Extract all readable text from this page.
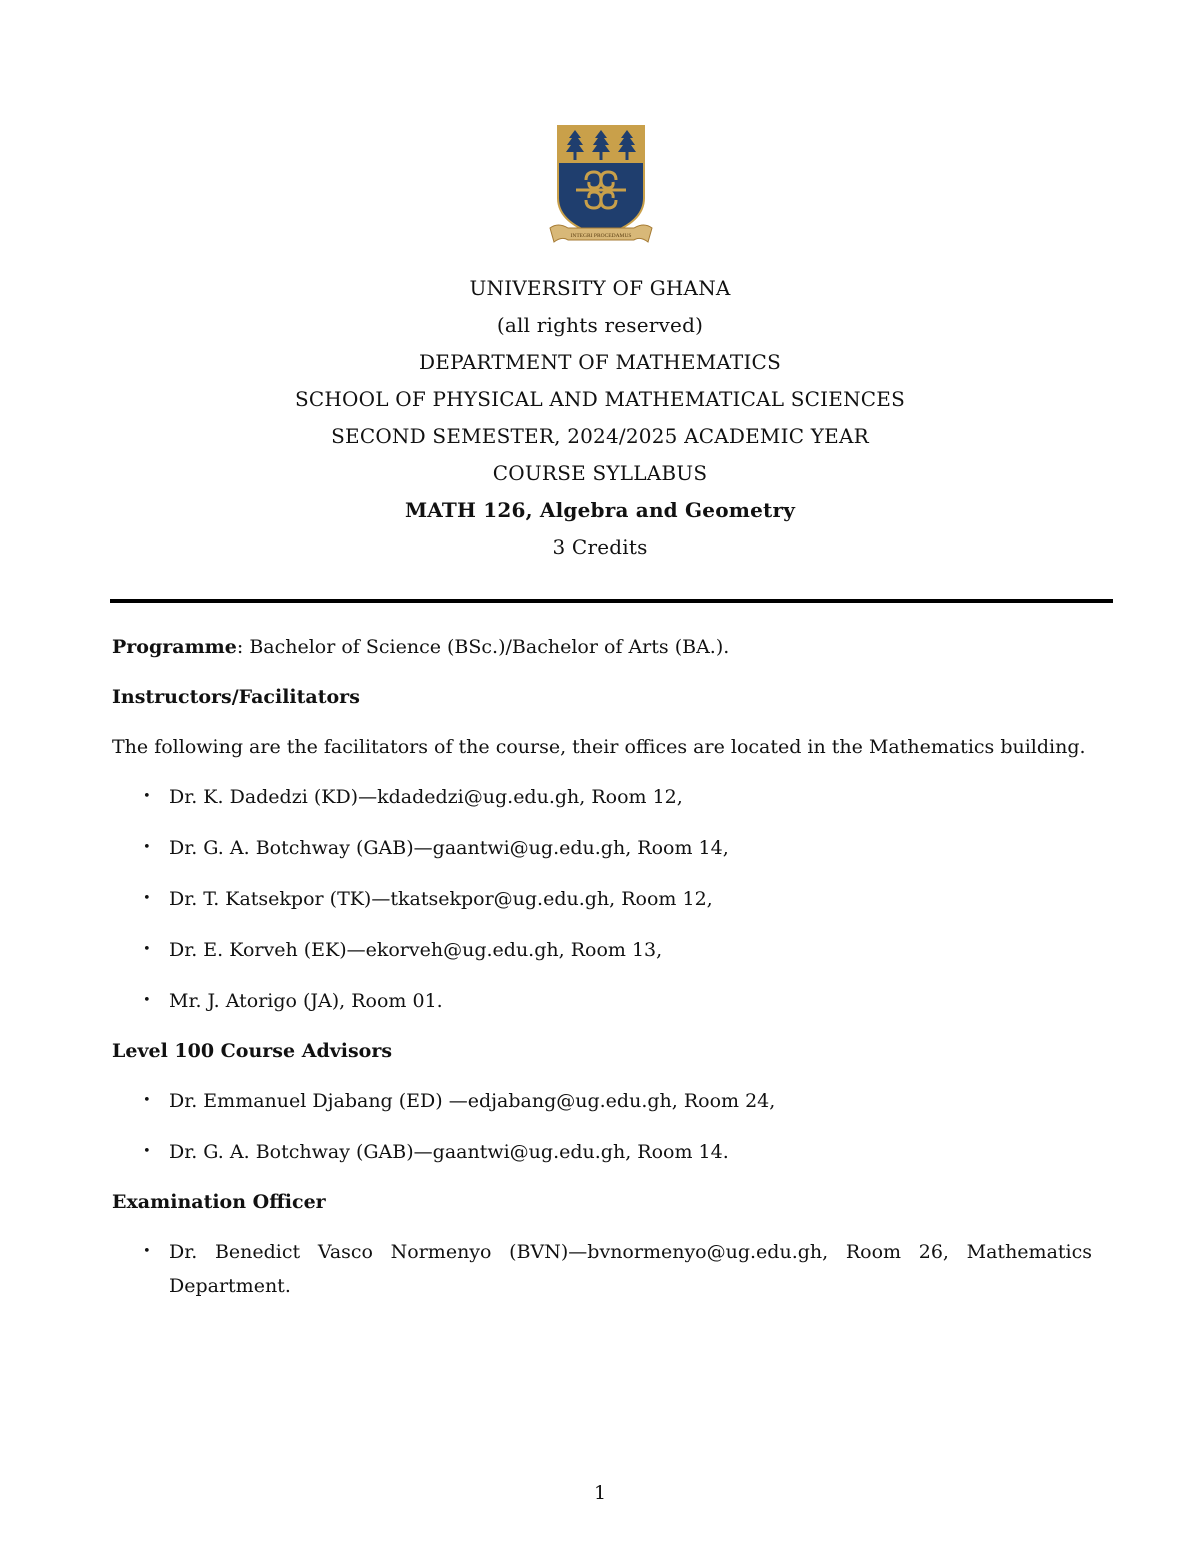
INTEGRI PROCEDAMUS
UNIVERSITY OF GHANA
(all rights reserved)
DEPARTMENT OF MATHEMATICS
SCHOOL OF PHYSICAL AND MATHEMATICAL SCIENCES
SECOND SEMESTER, 2024/2025 ACADEMIC YEAR
COURSE SYLLABUS
MATH 126, Algebra and Geometry
3 Credits
Programme: Bachelor of Science (BSc.)/Bachelor of Arts (BA.).
Instructors/Facilitators
The following are the facilitators of the course, their offices are located in the Mathematics building.
• Dr. K. Dadedzi (KD)—kdadedzi@ug.edu.gh, Room 12,
• Dr. G. A. Botchway (GAB)—gaantwi@ug.edu.gh, Room 14,
• Dr. T. Katsekpor (TK)—tkatsekpor@ug.edu.gh, Room 12,
• Dr. E. Korveh (EK)—ekorveh@ug.edu.gh, Room 13,
• Mr. J. Atorigo (JA), Room 01.
Level 100 Course Advisors
• Dr. Emmanuel Djabang (ED) —edjabang@ug.edu.gh, Room 24,
• Dr. G. A. Botchway (GAB)—gaantwi@ug.edu.gh, Room 14.
Examination Officer
• Dr. Benedict Vasco Normenyo (BVN)—bvnormenyo@ug.edu.gh, Room 26, Mathematics Department.
1
